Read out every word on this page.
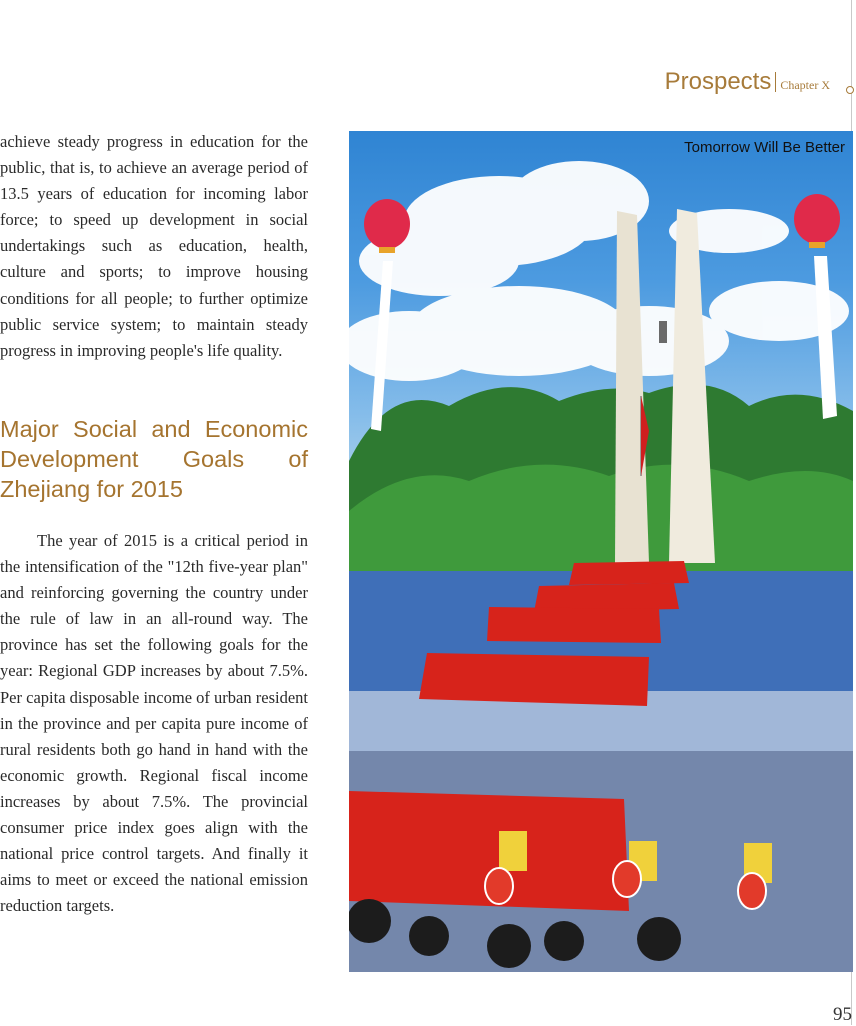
Prospects Chapter X

achieve steady progress in education for the public, that is, to achieve an average period of 13.5 years of education for incoming labor force; to speed up development in social undertakings such as education, health, culture and sports; to improve housing conditions for all people; to further optimize public service system; to maintain steady progress in improving people's life quality.

Major Social and Economic Development Goals of Zhejiang for 2015

The year of 2015 is a critical period in the intensification of the "12th five-year plan" and reinforcing governing the country under the rule of law in an all-round way. The province has set the following goals for the year: Regional GDP increases by about 7.5%. Per capita disposable income of urban resident in the province and per capita pure income of rural residents both go hand in hand with the economic growth. Regional fiscal income increases by about 7.5%. The provincial consumer price index goes align with the national price control targets. And finally it aims to meet or exceed the national emission reduction targets.

Tomorrow Will Be Better
95
